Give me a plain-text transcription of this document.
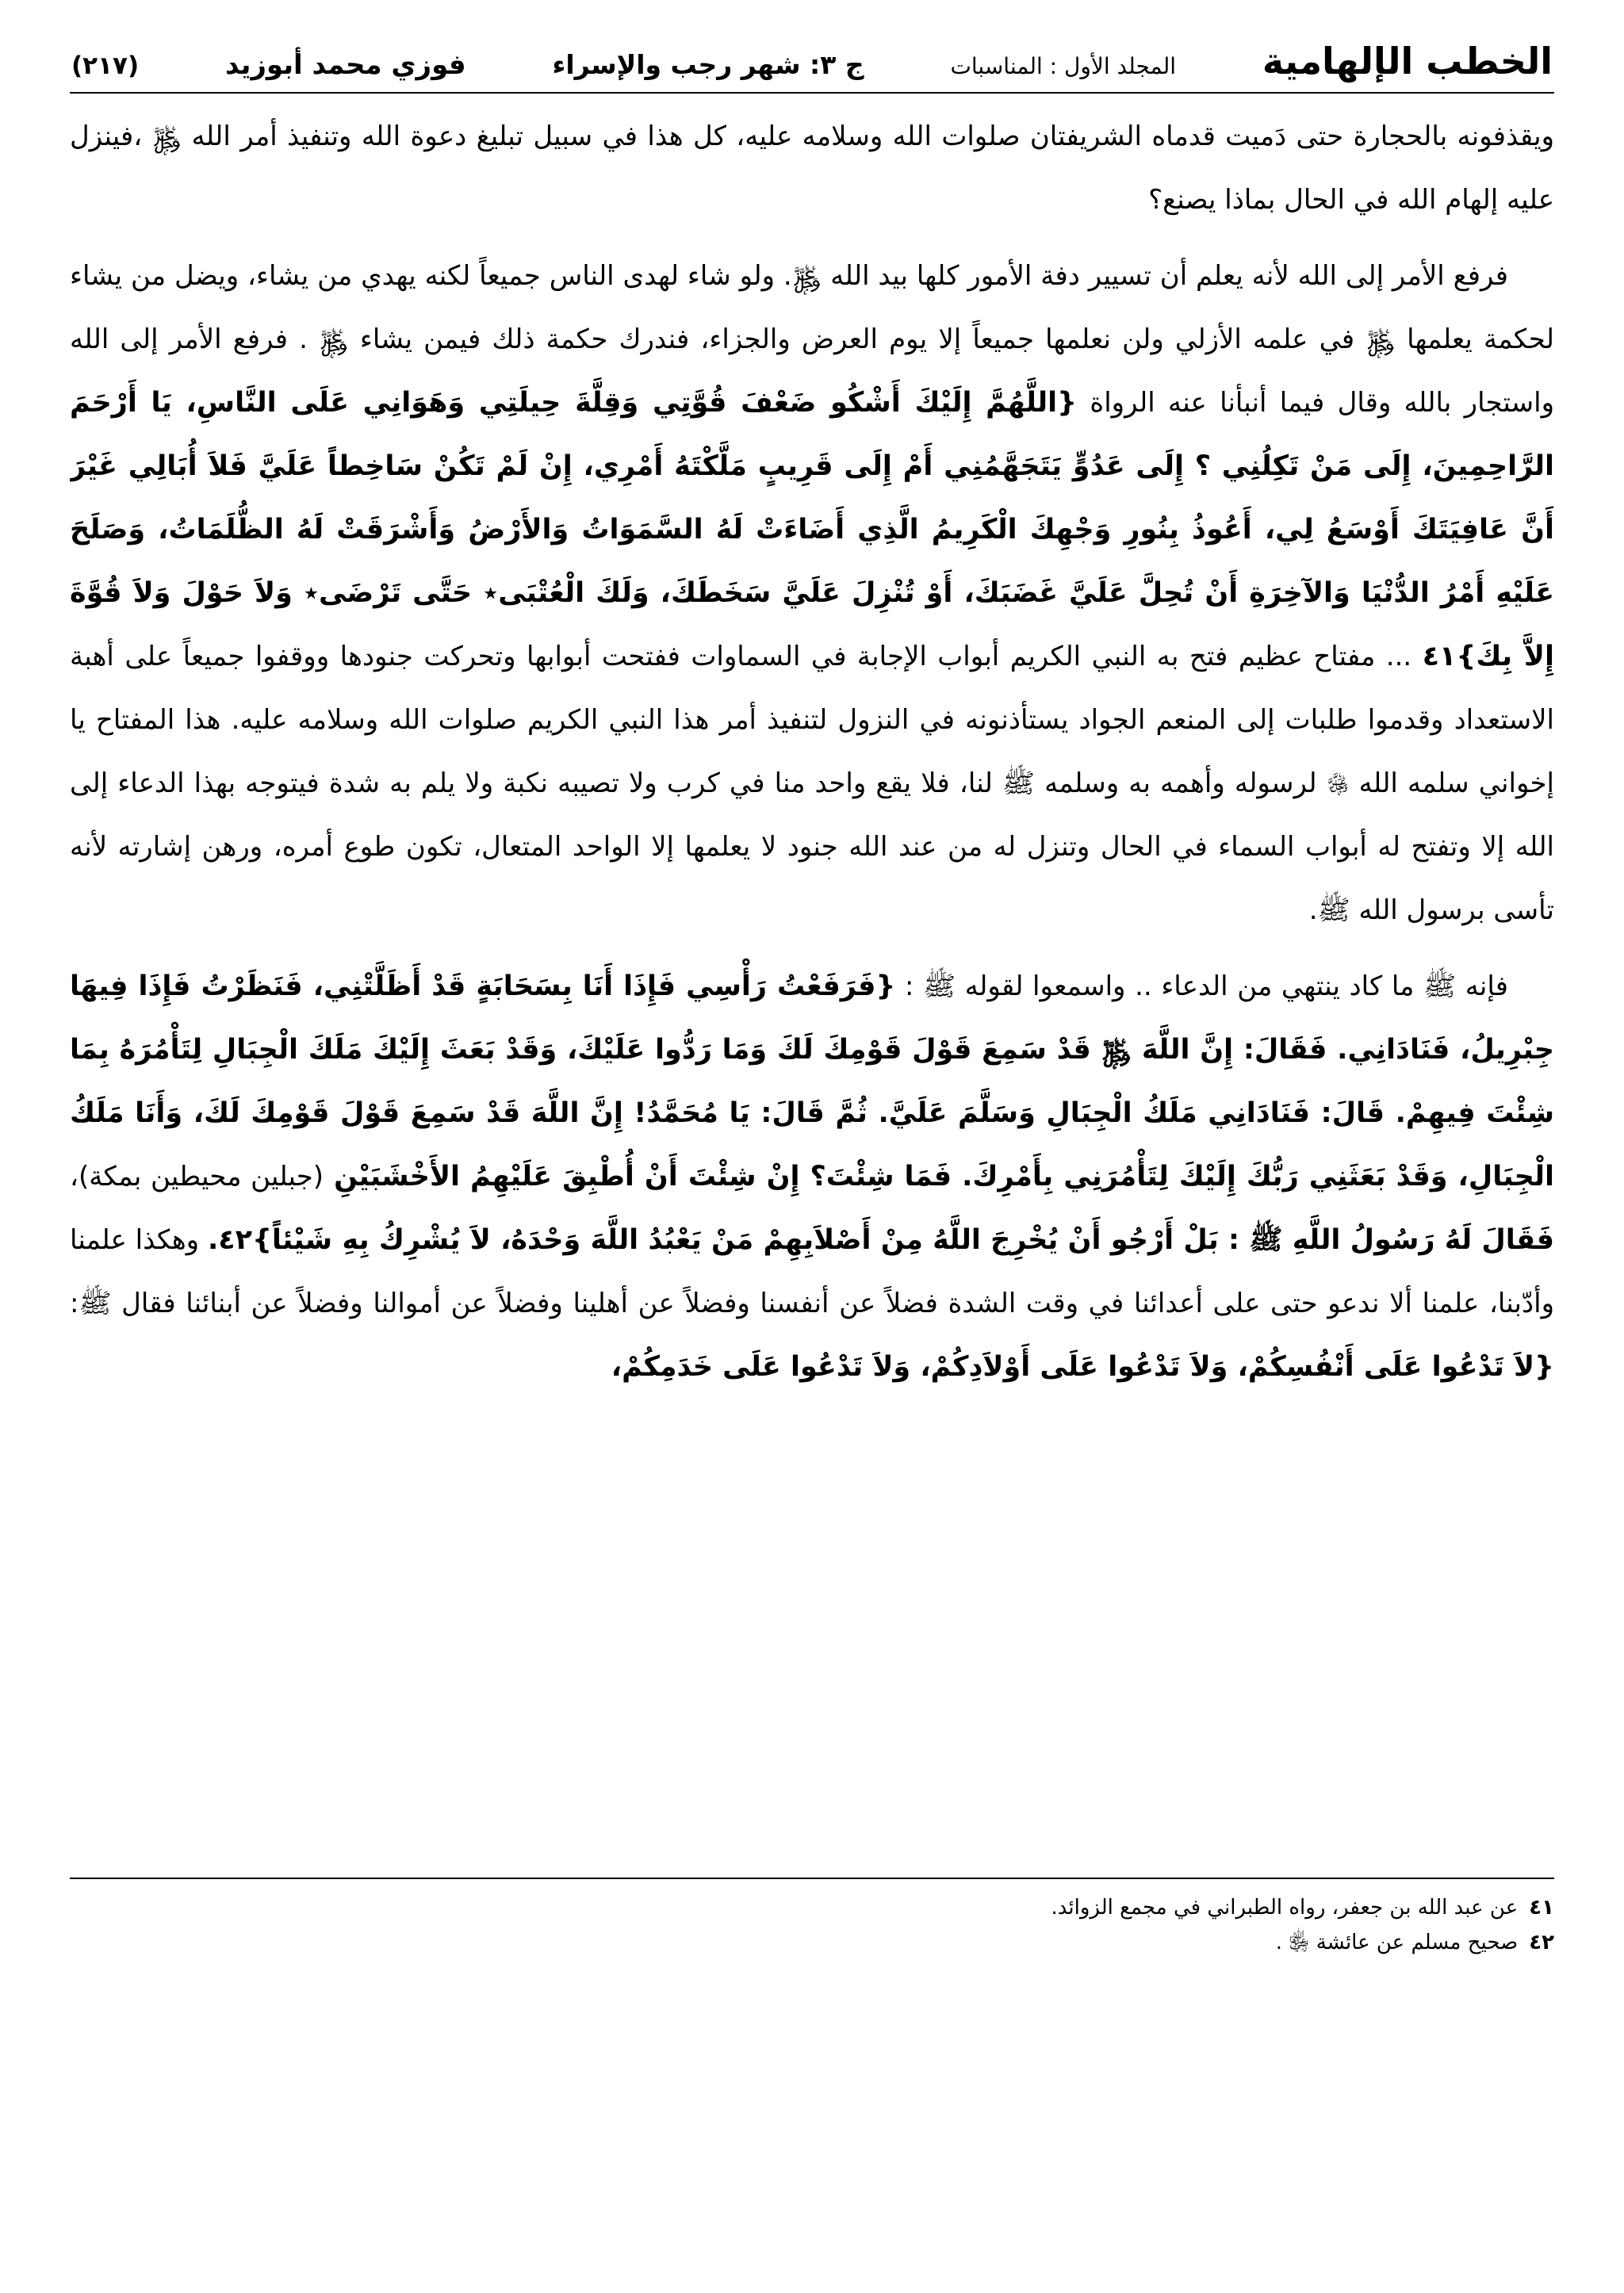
الخطب الإلهامية
المجلد الأول : المناسبات
ج ٣: شهر رجب والإسراء
فوزي محمد أبوزيد
(٢١٧)

ويقذفونه بالحجارة حتى دَميت قدماه الشريفتان صلوات الله وسلامه عليه، كل هذا في سبيل تبليغ دعوة الله وتنفيذ أمر الله ﷿ ،فينزل عليه إلهام الله في الحال بماذا يصنع؟

فرفع الأمر إلى الله لأنه يعلم أن تسيير دفة الأمور كلها بيد الله ﷿. ولو شاء لهدى الناس جميعاً لكنه يهدي من يشاء، ويضل من يشاء لحكمة يعلمها ﷿ في علمه الأزلي ولن نعلمها جميعاً إلا يوم العرض والجزاء، فندرك حكمة ذلك فيمن يشاء ﷿ . فرفع الأمر إلى الله واستجار بالله وقال فيما أنبأنا عنه الرواة {اللَّهُمَّ إِلَيْكَ أَشْكُو ضَعْفَ قُوَّتِي وَقِلَّةَ حِيلَتِي وَهَوَانِي عَلَى النَّاسِ، يَا أَرْحَمَ الرَّاحِمِينَ، إِلَى مَنْ تَكِلُنِي ؟ إِلَى عَدُوٍّ يَتَجَهَّمُنِي أَمْ إِلَى قَرِيبٍ مَلَّكْتَهُ أَمْرِي، إِنْ لَمْ تَكُنْ سَاخِطاً عَلَيَّ فَلاَ أُبَالِي غَيْرَ أَنَّ عَافِيَتَكَ أَوْسَعُ لِي، أَعُوذُ بِنُورِ وَجْهِكَ الْكَرِيمُ الَّذِي أَضَاءَتْ لَهُ السَّمَوَاتُ وَالأَرْضُ وَأَشْرَقَتْ لَهُ الظُّلَمَاتُ، وَصَلَحَ عَلَيْهِ أَمْرُ الدُّنْيَا وَالآخِرَةِ أَنْ تُحِلَّ عَلَيَّ غَضَبَكَ، أَوْ تُنْزِلَ عَلَيَّ سَخَطَكَ، وَلَكَ الْعُتْبَى٭ حَتَّى تَرْضَى٭ وَلاَ حَوْلَ وَلاَ قُوَّةَ إِلاَّ بِكَ}٤١ ... مفتاح عظيم فتح به النبي الكريم أبواب الإجابة في السماوات ففتحت أبوابها وتحركت جنودها ووقفوا جميعاً على أهبة الاستعداد وقدموا طلبات إلى المنعم الجواد يستأذنونه في النزول لتنفيذ أمر هذا النبي الكريم صلوات الله وسلامه عليه. هذا المفتاح يا إخواني سلمه الله ﷿ لرسوله وأهمه به وسلمه ﷺ لنا، فلا يقع واحد منا في كرب ولا تصيبه نكبة ولا يلم به شدة فيتوجه بهذا الدعاء إلى الله إلا وتفتح له أبواب السماء في الحال وتنزل له من عند الله جنود لا يعلمها إلا الواحد المتعال، تكون طوع أمره، ورهن إشارته لأنه تأسى برسول الله ﷺ.

فإنه ﷺ ما كاد ينتهي من الدعاء .. واسمعوا لقوله ﷺ : {فَرَفَعْتُ رَأْسِي فَإِذَا أَنَا بِسَحَابَةٍ قَدْ أَظَلَّتْنِي، فَنَظَرْتُ فَإِذَا فِيهَا جِبْرِيلُ، فَنَادَانِي. فَقَالَ: إِنَّ اللَّهَ ﷿ قَدْ سَمِعَ قَوْلَ قَوْمِكَ لَكَ وَمَا رَدُّوا عَلَيْكَ، وَقَدْ بَعَثَ إِلَيْكَ مَلَكَ الْجِبَالِ لِتَأْمُرَهُ بِمَا شِئْتَ فِيهِمْ. قَالَ: فَنَادَانِي مَلَكُ الْجِبَالِ وَسَلَّمَ عَلَيَّ. ثُمَّ قَالَ: يَا مُحَمَّدُ! إِنَّ اللَّهَ قَدْ سَمِعَ قَوْلَ قَوْمِكَ لَكَ، وَأَنَا مَلَكُ الْجِبَالِ، وَقَدْ بَعَثَنِي رَبُّكَ إِلَيْكَ لِتَأْمُرَنِي بِأَمْرِكَ. فَمَا شِئْتَ؟ إِنْ شِئْتَ أَنْ أُطْبِقَ عَلَيْهِمُ الأَخْشَبَيْنِ (جبلين محيطين بمكة)، فَقَالَ لَهُ رَسُولُ اللَّهِ ﷺ : بَلْ أَرْجُو أَنْ يُخْرِجَ اللَّهُ مِنْ أَصْلاَبِهِمْ مَنْ يَعْبُدُ اللَّهَ وَحْدَهُ، لاَ يُشْرِكُ بِهِ شَيْئاً}٤٢. وهكذا علمنا وأدّبنا، علمنا ألا ندعو حتى على أعدائنا في وقت الشدة فضلاً عن أنفسنا وفضلاً عن أهلينا وفضلاً عن أموالنا وفضلاً عن أبنائنا فقال ﷺ: {لاَ تَدْعُوا عَلَى أَنْفُسِكُمْ، وَلاَ تَدْعُوا عَلَى أَوْلاَدِكُمْ، وَلاَ تَدْعُوا عَلَى خَدَمِكُمْ،

٤١عن عبد الله بن جعفر، رواه الطبراني في مجمع الزوائد.
٤٢صحيح مسلم عن عائشة ﵂ .
